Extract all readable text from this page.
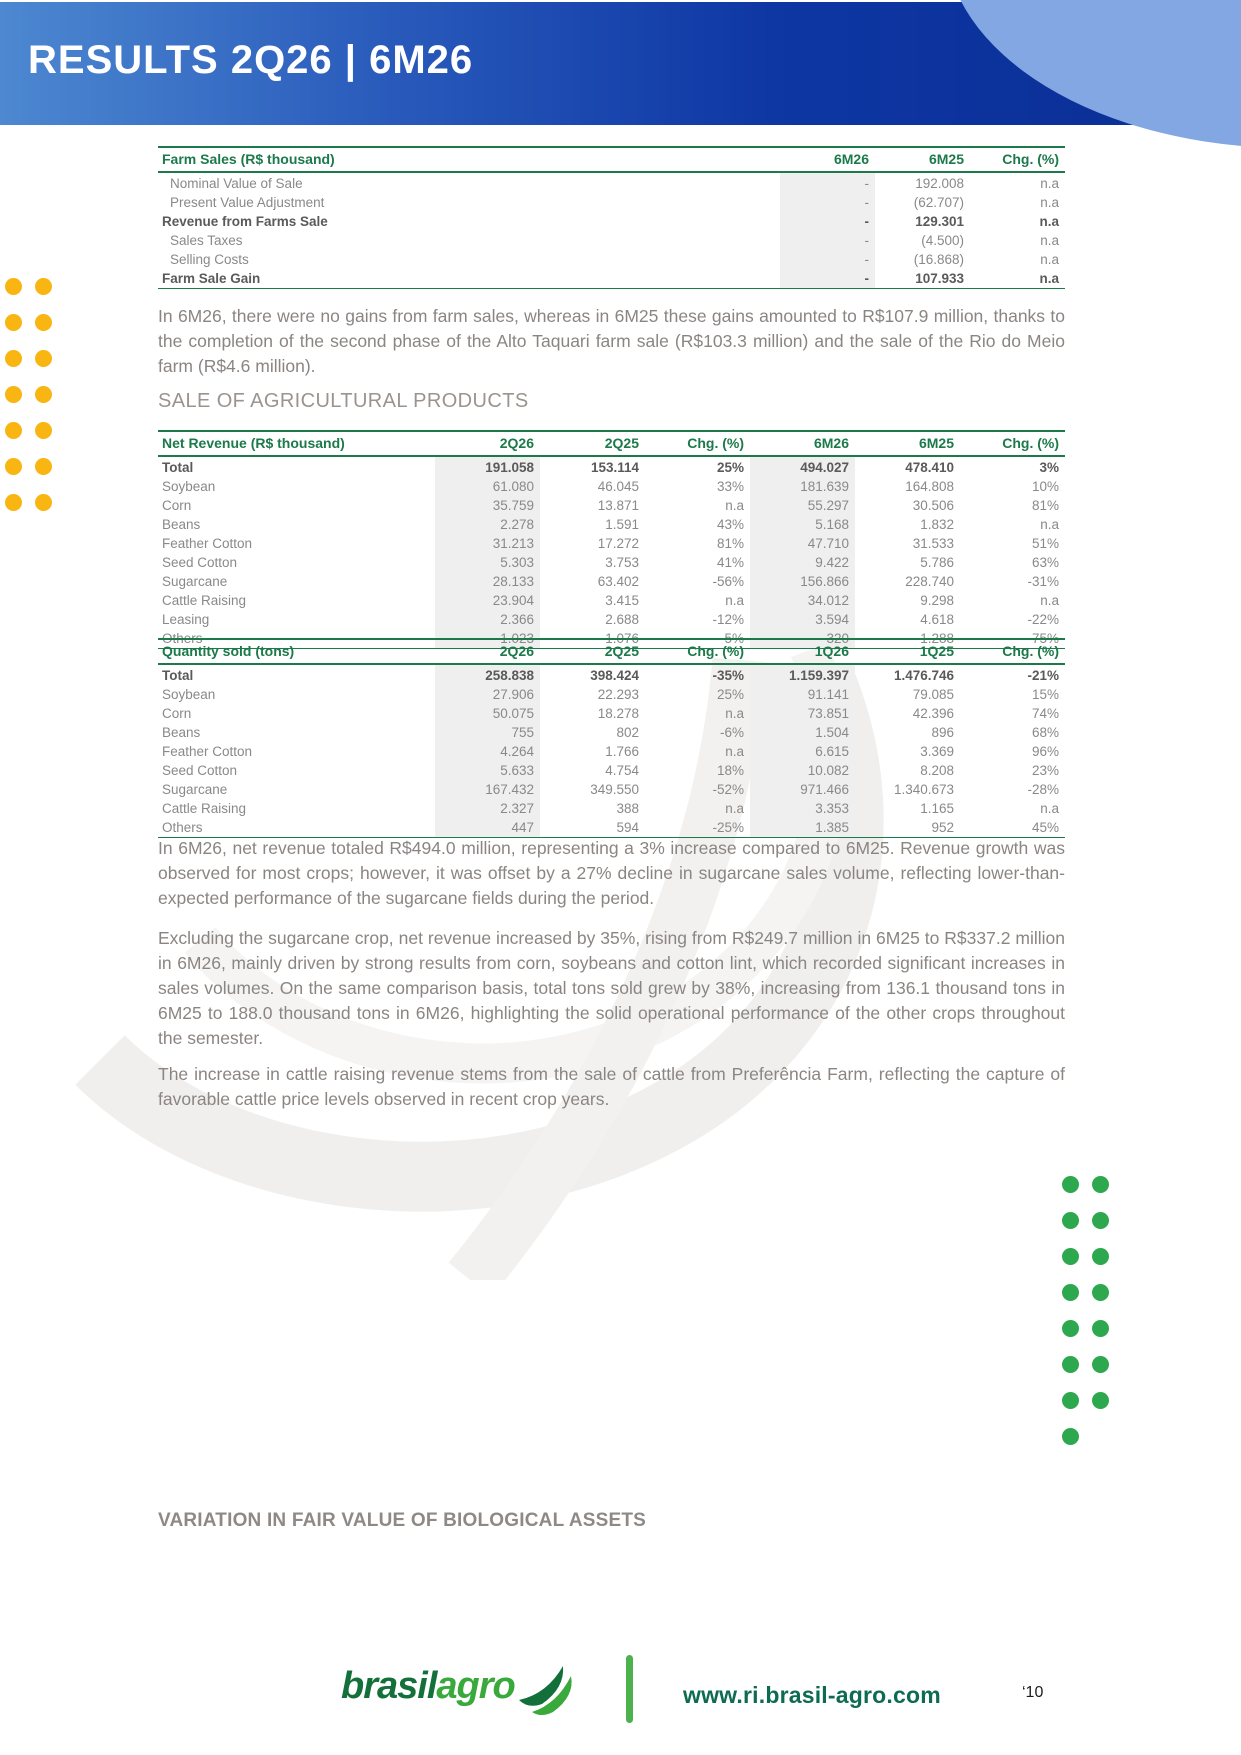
RESULTS 2Q26 | 6M26
Farm Sales (R$ thousand)	6M26	6M25	Chg. (%)
Nominal Value of Sale	-	192.008	n.a
Present Value Adjustment	-	(62.707)	n.a
Revenue from Farms Sale	-	129.301	n.a
Sales Taxes	-	(4.500)	n.a
Selling Costs	-	(16.868)	n.a
Farm Sale Gain	-	107.933	n.a

In 6M26, there were no gains from farm sales, whereas in 6M25 these gains amounted to R$107.9 million, thanks to the completion of the second phase of the Alto Taquari farm sale (R$103.3 million) and the sale of the Rio do Meio farm (R$4.6 million).

SALE OF AGRICULTURAL PRODUCTS
Net Revenue (R$ thousand)	2Q26	2Q25	Chg. (%)	6M26	6M25	Chg. (%)
Total	191.058	153.114	25%	494.027	478.410	3%
Soybean	61.080	46.045	33%	181.639	164.808	10%
Corn	35.759	13.871	n.a	55.297	30.506	81%
Beans	2.278	1.591	43%	5.168	1.832	n.a
Feather Cotton	31.213	17.272	81%	47.710	31.533	51%
Seed Cotton	5.303	3.753	41%	9.422	5.786	63%
Sugarcane	28.133	63.402	-56%	156.866	228.740	-31%
Cattle Raising	23.904	3.415	n.a	34.012	9.298	n.a
Leasing	2.366	2.688	-12%	3.594	4.618	-22%
Others	1.023	1.076	-5%	320	1.288	-75%
Quantity sold (tons)	2Q26	2Q25	Chg. (%)	1Q26	1Q25	Chg. (%)
Total	258.838	398.424	-35%	1.159.397	1.476.746	-21%
Soybean	27.906	22.293	25%	91.141	79.085	15%
Corn	50.075	18.278	n.a	73.851	42.396	74%
Beans	755	802	-6%	1.504	896	68%
Feather Cotton	4.264	1.766	n.a	6.615	3.369	96%
Seed Cotton	5.633	4.754	18%	10.082	8.208	23%
Sugarcane	167.432	349.550	-52%	971.466	1.340.673	-28%
Cattle Raising	2.327	388	n.a	3.353	1.165	n.a
Others	447	594	-25%	1.385	952	45%

In 6M26, net revenue totaled R$494.0 million, representing a 3% increase compared to 6M25. Revenue growth was observed for most crops; however, it was offset by a 27% decline in sugarcane sales volume, reflecting lower-than-expected performance of the sugarcane fields during the period.

Excluding the sugarcane crop, net revenue increased by 35%, rising from R$249.7 million in 6M25 to R$337.2 million in 6M26, mainly driven by strong results from corn, soybeans and cotton lint, which recorded significant increases in sales volumes. On the same comparison basis, total tons sold grew by 38%, increasing from 136.1 thousand tons in 6M25 to 188.0 thousand tons in 6M26, highlighting the solid operational performance of the other crops throughout the semester.

The increase in cattle raising revenue stems from the sale of cattle from Preferência Farm, reflecting the capture of favorable cattle price levels observed in recent crop years.

VARIATION IN FAIR VALUE OF BIOLOGICAL ASSETS
brasil agro	www.ri.brasil-agro.com	‘10
